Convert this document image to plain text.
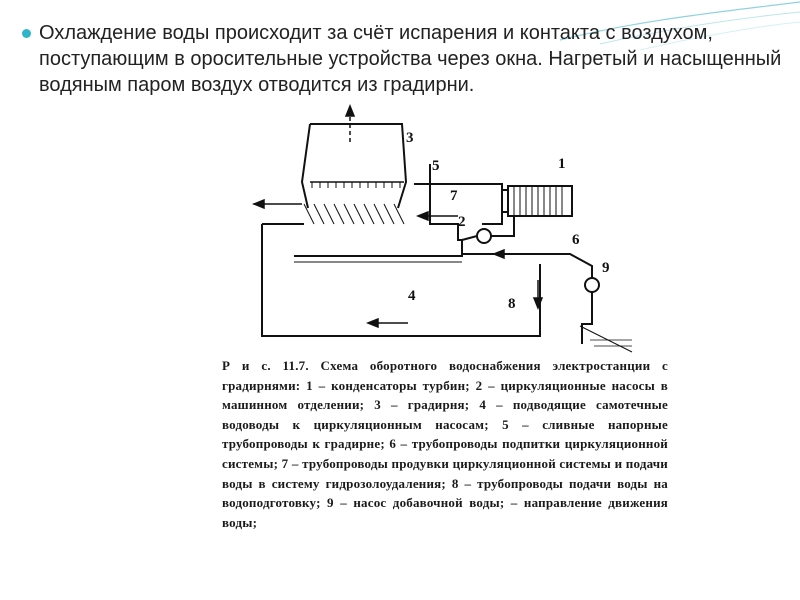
Охлаждение воды происходит за счёт испарения и контакта с воздухом, поступающим в оросительные устройства через окна. Нагретый и насыщенный водяным паром воздух отводится из градирни.

1
2
3
4
5
6
7
8
9

Р и с. 11.7. Схема оборотного водоснабжения электростанции с градирнями: 1 – конденсаторы турбин; 2 – циркуляционные насосы в машинном отделении; 3 – градирня; 4 – подводящие самотечные водоводы к циркуляционным насосам; 5 – сливные напорные трубопроводы к градирне; 6 – трубопроводы подпитки циркуляционной системы; 7 – трубопроводы продувки циркуляционной системы и подачи воды в систему гидрозолоудаления; 8 – трубопроводы подачи воды на водоподготовку; 9 – насос добавочной воды; – направление движения воды;
